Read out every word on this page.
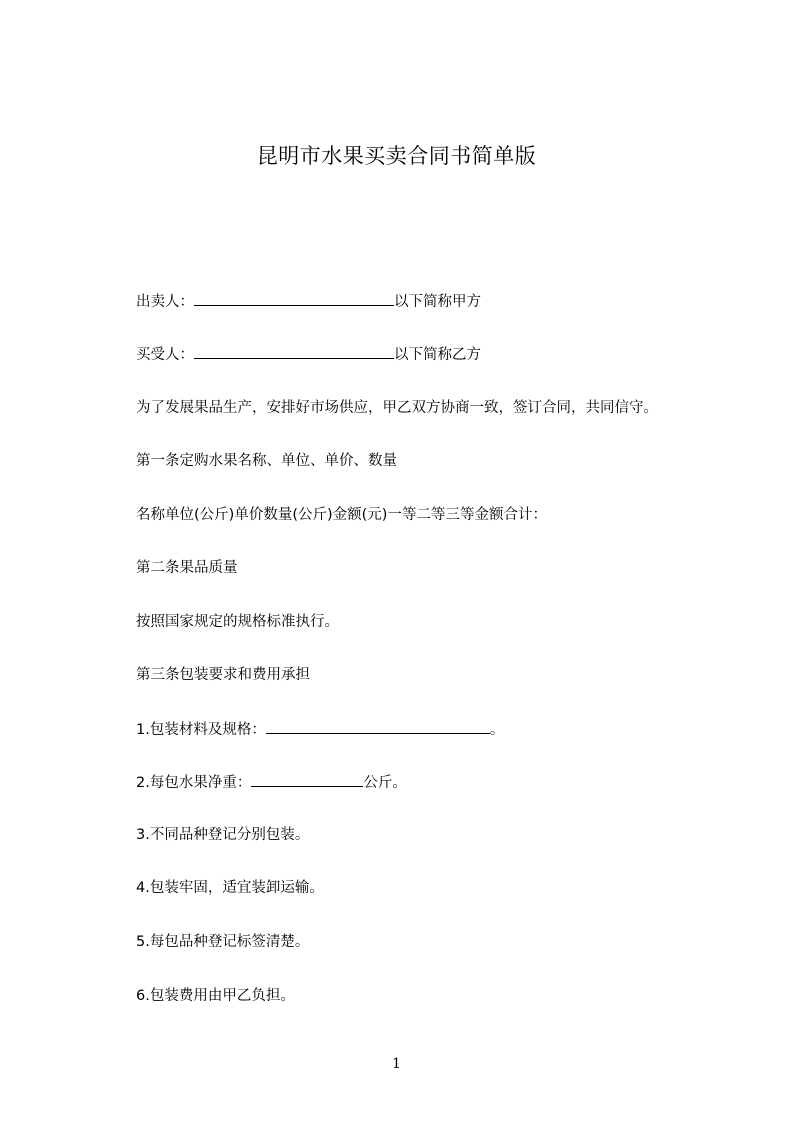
昆明市水果买卖合同书简单版
出卖人：	以下简称甲方
买受人：	以下简称乙方
为了发展果品生产，安排好市场供应，甲乙双方协商一致，签订合同，共同信守。
第一条定购水果名称、单位、单价、数量
名称单位(公斤)单价数量(公斤)金额(元)一等二等三等金额合计：
第二条果品质量
按照国家规定的规格标准执行。
第三条包装要求和费用承担
1.包装材料及规格：	。
2.每包水果净重：	公斤。
3.不同品种登记分别包装。
4.包装牢固，适宜装卸运输。
5.每包品种登记标签清楚。
6.包装费用由甲乙负担。
1
